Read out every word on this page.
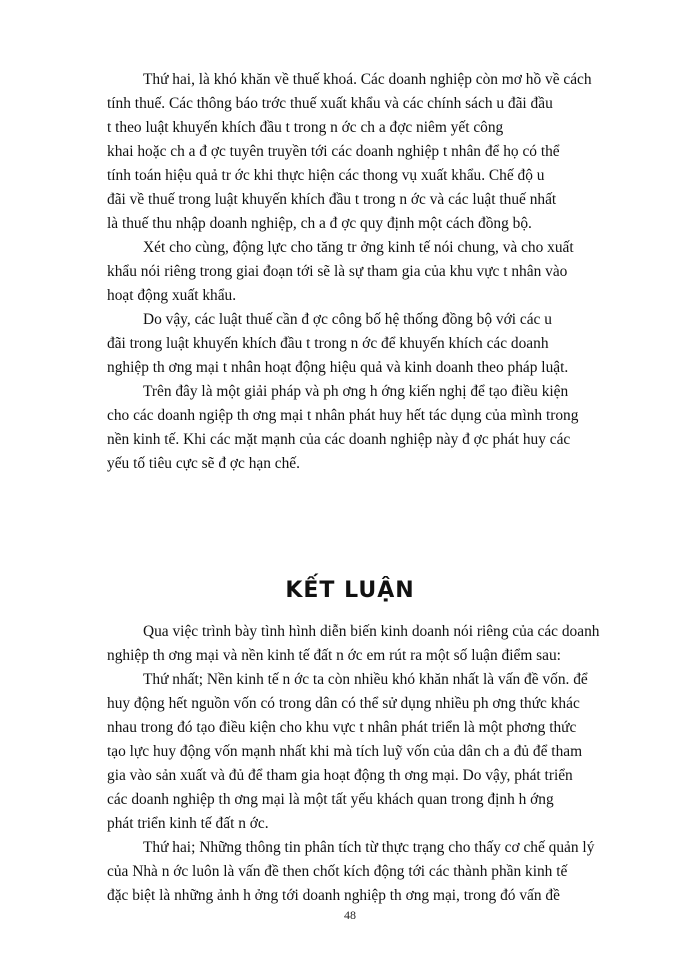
Thứ hai, là khó khăn về thuế khoá. Các doanh nghiệp còn mơ hồ về cách
tính thuế. Các thông báo trớc thuế xuất khẩu và các chính sách u đãi đầu
t theo luật khuyến khích đầu t trong n ớc ch a đợc niêm yết công
khai hoặc ch a đ ợc tuyên truyền tới các doanh nghiệp t nhân để họ có thể
tính toán hiệu quả tr ớc khi thực hiện các thong vụ xuất khẩu. Chế độ u
đãi về thuế trong luật khuyến khích đầu t trong n ớc và các luật thuế nhất
là thuế thu nhập doanh nghiệp, ch a đ ợc quy định một cách đồng bộ.
Xét cho cùng, động lực cho tăng tr ởng kinh tế nói chung, và cho xuất
khẩu nói riêng trong giai đoạn tới sẽ là sự tham gia của khu vực t nhân vào
hoạt động xuất khẩu.
Do vậy, các luật thuế cần đ ợc công bố hệ thống đồng bộ với các u
đãi trong luật khuyến khích đầu t trong n ớc để khuyến khích các doanh
nghiệp th ơng mại t nhân hoạt động hiệu quả và kinh doanh theo pháp luật.
Trên đây là một giải pháp và ph ơng h ớng kiến nghị để tạo điều kiện
cho các doanh ngiệp th ơng mại t nhân phát huy hết tác dụng của mình trong
nền kinh tế. Khi các mặt mạnh của các doanh nghiệp này đ ợc phát huy các
yếu tố tiêu cực sẽ đ ợc hạn chế.
KẾT LUẬN
Qua việc trình bày tình hình diễn biến kinh doanh nói riêng của các doanh
nghiệp th ơng mại và nền kinh tế đất n ớc em rút ra một số luận điểm sau:
Thứ nhất; Nền kinh tế n ớc ta còn nhiều khó khăn nhất là vấn đề vốn. để
huy động hết nguồn vốn có trong dân có thể sử dụng nhiều ph ơng thức khác
nhau trong đó tạo điều kiện cho khu vực t nhân phát triển là một phơng thức
tạo lực huy động vốn mạnh nhất khi mà tích luỹ vốn của dân ch a đủ để tham
gia vào sản xuất và đủ để tham gia hoạt động th ơng mại. Do vậy, phát triển
các doanh nghiệp th ơng mại là một tất yếu khách quan trong định h ớng
phát triển kinh tế đất n ớc.
Thứ hai; Những thông tin phân tích từ thực trạng cho thấy cơ chế quản lý
của Nhà n ớc luôn là vấn đề then chốt kích động tới các thành phần kinh tế
đặc biệt là những ảnh h ởng tới doanh nghiệp th ơng mại, trong đó vấn đề
48
